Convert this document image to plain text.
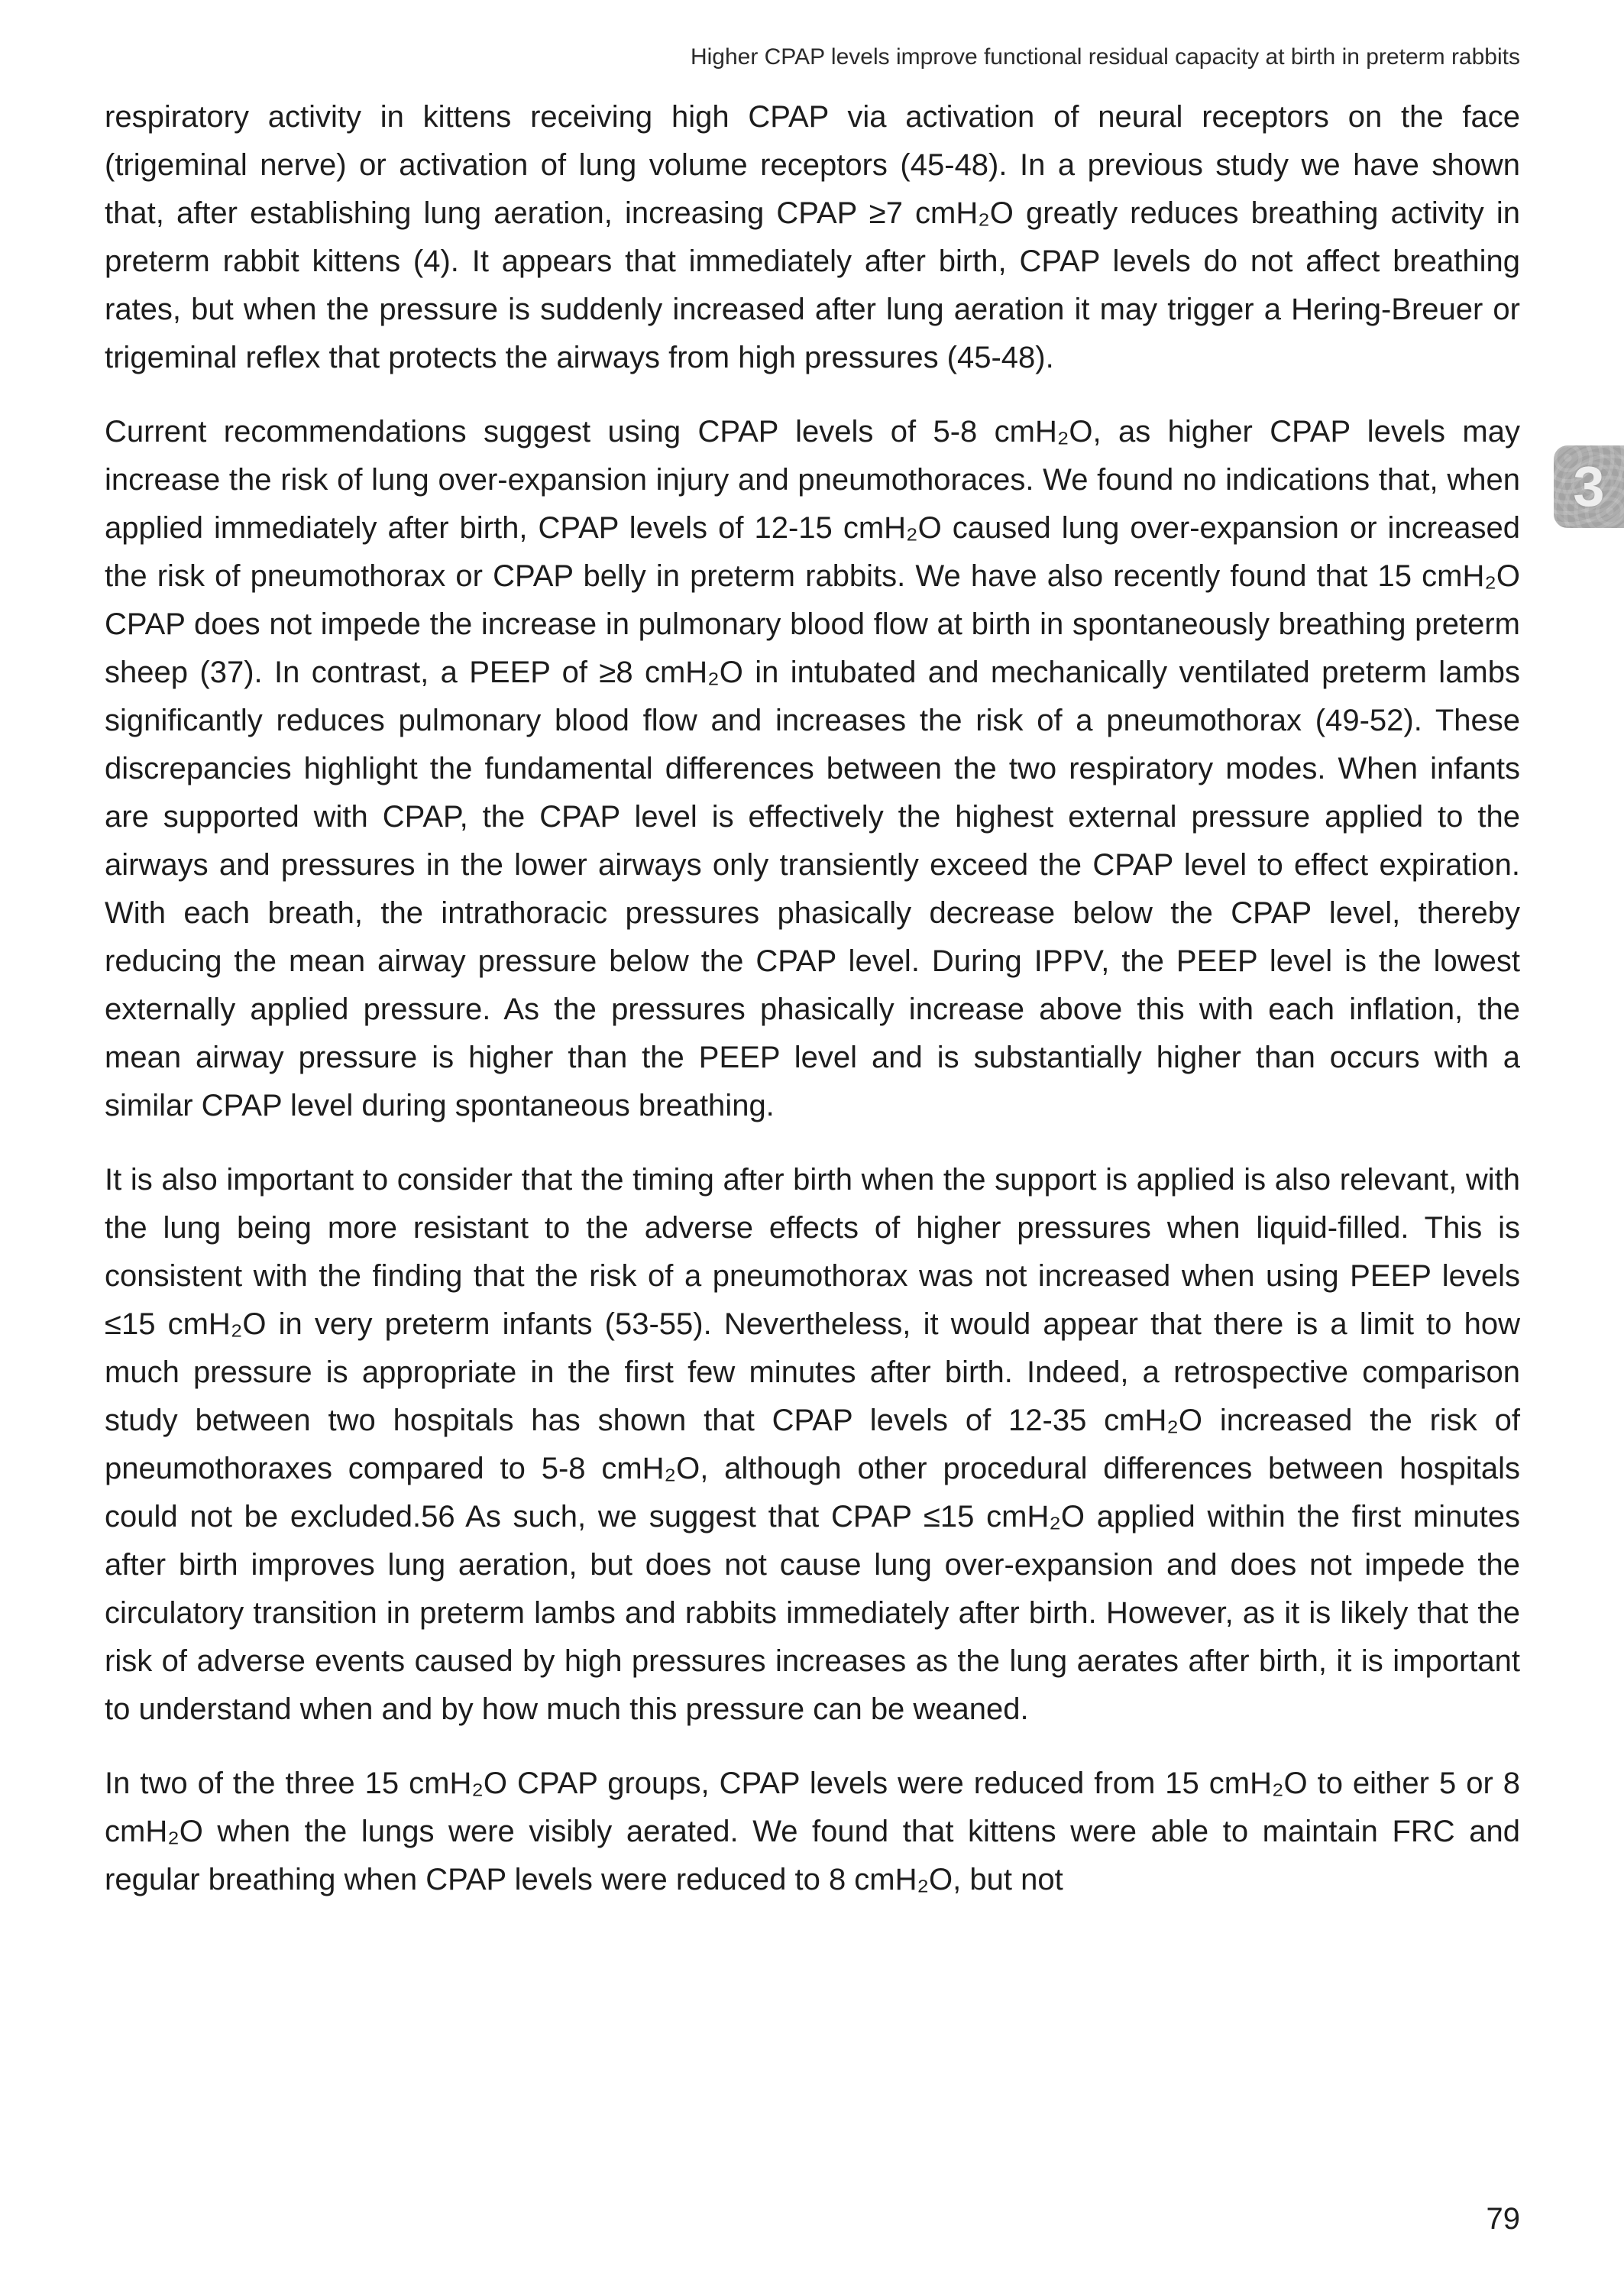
Higher CPAP levels improve functional residual capacity at birth in preterm rabbits

respiratory activity in kittens receiving high CPAP via activation of neural receptors on the face (trigeminal nerve) or activation of lung volume receptors (45-48). In a previous study we have shown that, after establishing lung aeration, increasing CPAP ≥7 cmH₂O greatly reduces breathing activity in preterm rabbit kittens (4). It appears that immediately after birth, CPAP levels do not affect breathing rates, but when the pressure is suddenly increased after lung aeration it may trigger a Hering-Breuer or trigeminal reflex that protects the airways from high pressures (45-48).

Current recommendations suggest using CPAP levels of 5-8 cmH₂O, as higher CPAP levels may increase the risk of lung over-expansion injury and pneumothoraces. We found no indications that, when applied immediately after birth, CPAP levels of 12-15 cmH₂O caused lung over-expansion or increased the risk of pneumothorax or CPAP belly in preterm rabbits. We have also recently found that 15 cmH₂O CPAP does not impede the increase in pulmonary blood flow at birth in spontaneously breathing preterm sheep (37). In contrast, a PEEP of ≥8 cmH₂O in intubated and mechanically ventilated preterm lambs significantly reduces pulmonary blood flow and increases the risk of a pneumothorax (49-52). These discrepancies highlight the fundamental differences between the two respiratory modes. When infants are supported with CPAP, the CPAP level is effectively the highest external pressure applied to the airways and pressures in the lower airways only transiently exceed the CPAP level to effect expiration. With each breath, the intrathoracic pressures phasically decrease below the CPAP level, thereby reducing the mean airway pressure below the CPAP level. During IPPV, the PEEP level is the lowest externally applied pressure. As the pressures phasically increase above this with each inflation, the mean airway pressure is higher than the PEEP level and is substantially higher than occurs with a similar CPAP level during spontaneous breathing.

It is also important to consider that the timing after birth when the support is applied is also relevant, with the lung being more resistant to the adverse effects of higher pressures when liquid-filled. This is consistent with the finding that the risk of a pneumothorax was not increased when using PEEP levels ≤15 cmH₂O in very preterm infants (53-55). Nevertheless, it would appear that there is a limit to how much pressure is appropriate in the first few minutes after birth. Indeed, a retrospective comparison study between two hospitals has shown that CPAP levels of 12-35 cmH₂O increased the risk of pneumothoraxes compared to 5-8 cmH₂O, although other procedural differences between hospitals could not be excluded.56 As such, we suggest that CPAP ≤15 cmH₂O applied within the first minutes after birth improves lung aeration, but does not cause lung over-expansion and does not impede the circulatory transition in preterm lambs and rabbits immediately after birth. However, as it is likely that the risk of adverse events caused by high pressures increases as the lung aerates after birth, it is important to understand when and by how much this pressure can be weaned.

In two of the three 15 cmH₂O CPAP groups, CPAP levels were reduced from 15 cmH₂O to either 5 or 8 cmH₂O when the lungs were visibly aerated. We found that kittens were able to maintain FRC and regular breathing when CPAP levels were reduced to 8 cmH₂O, but not

3
79
